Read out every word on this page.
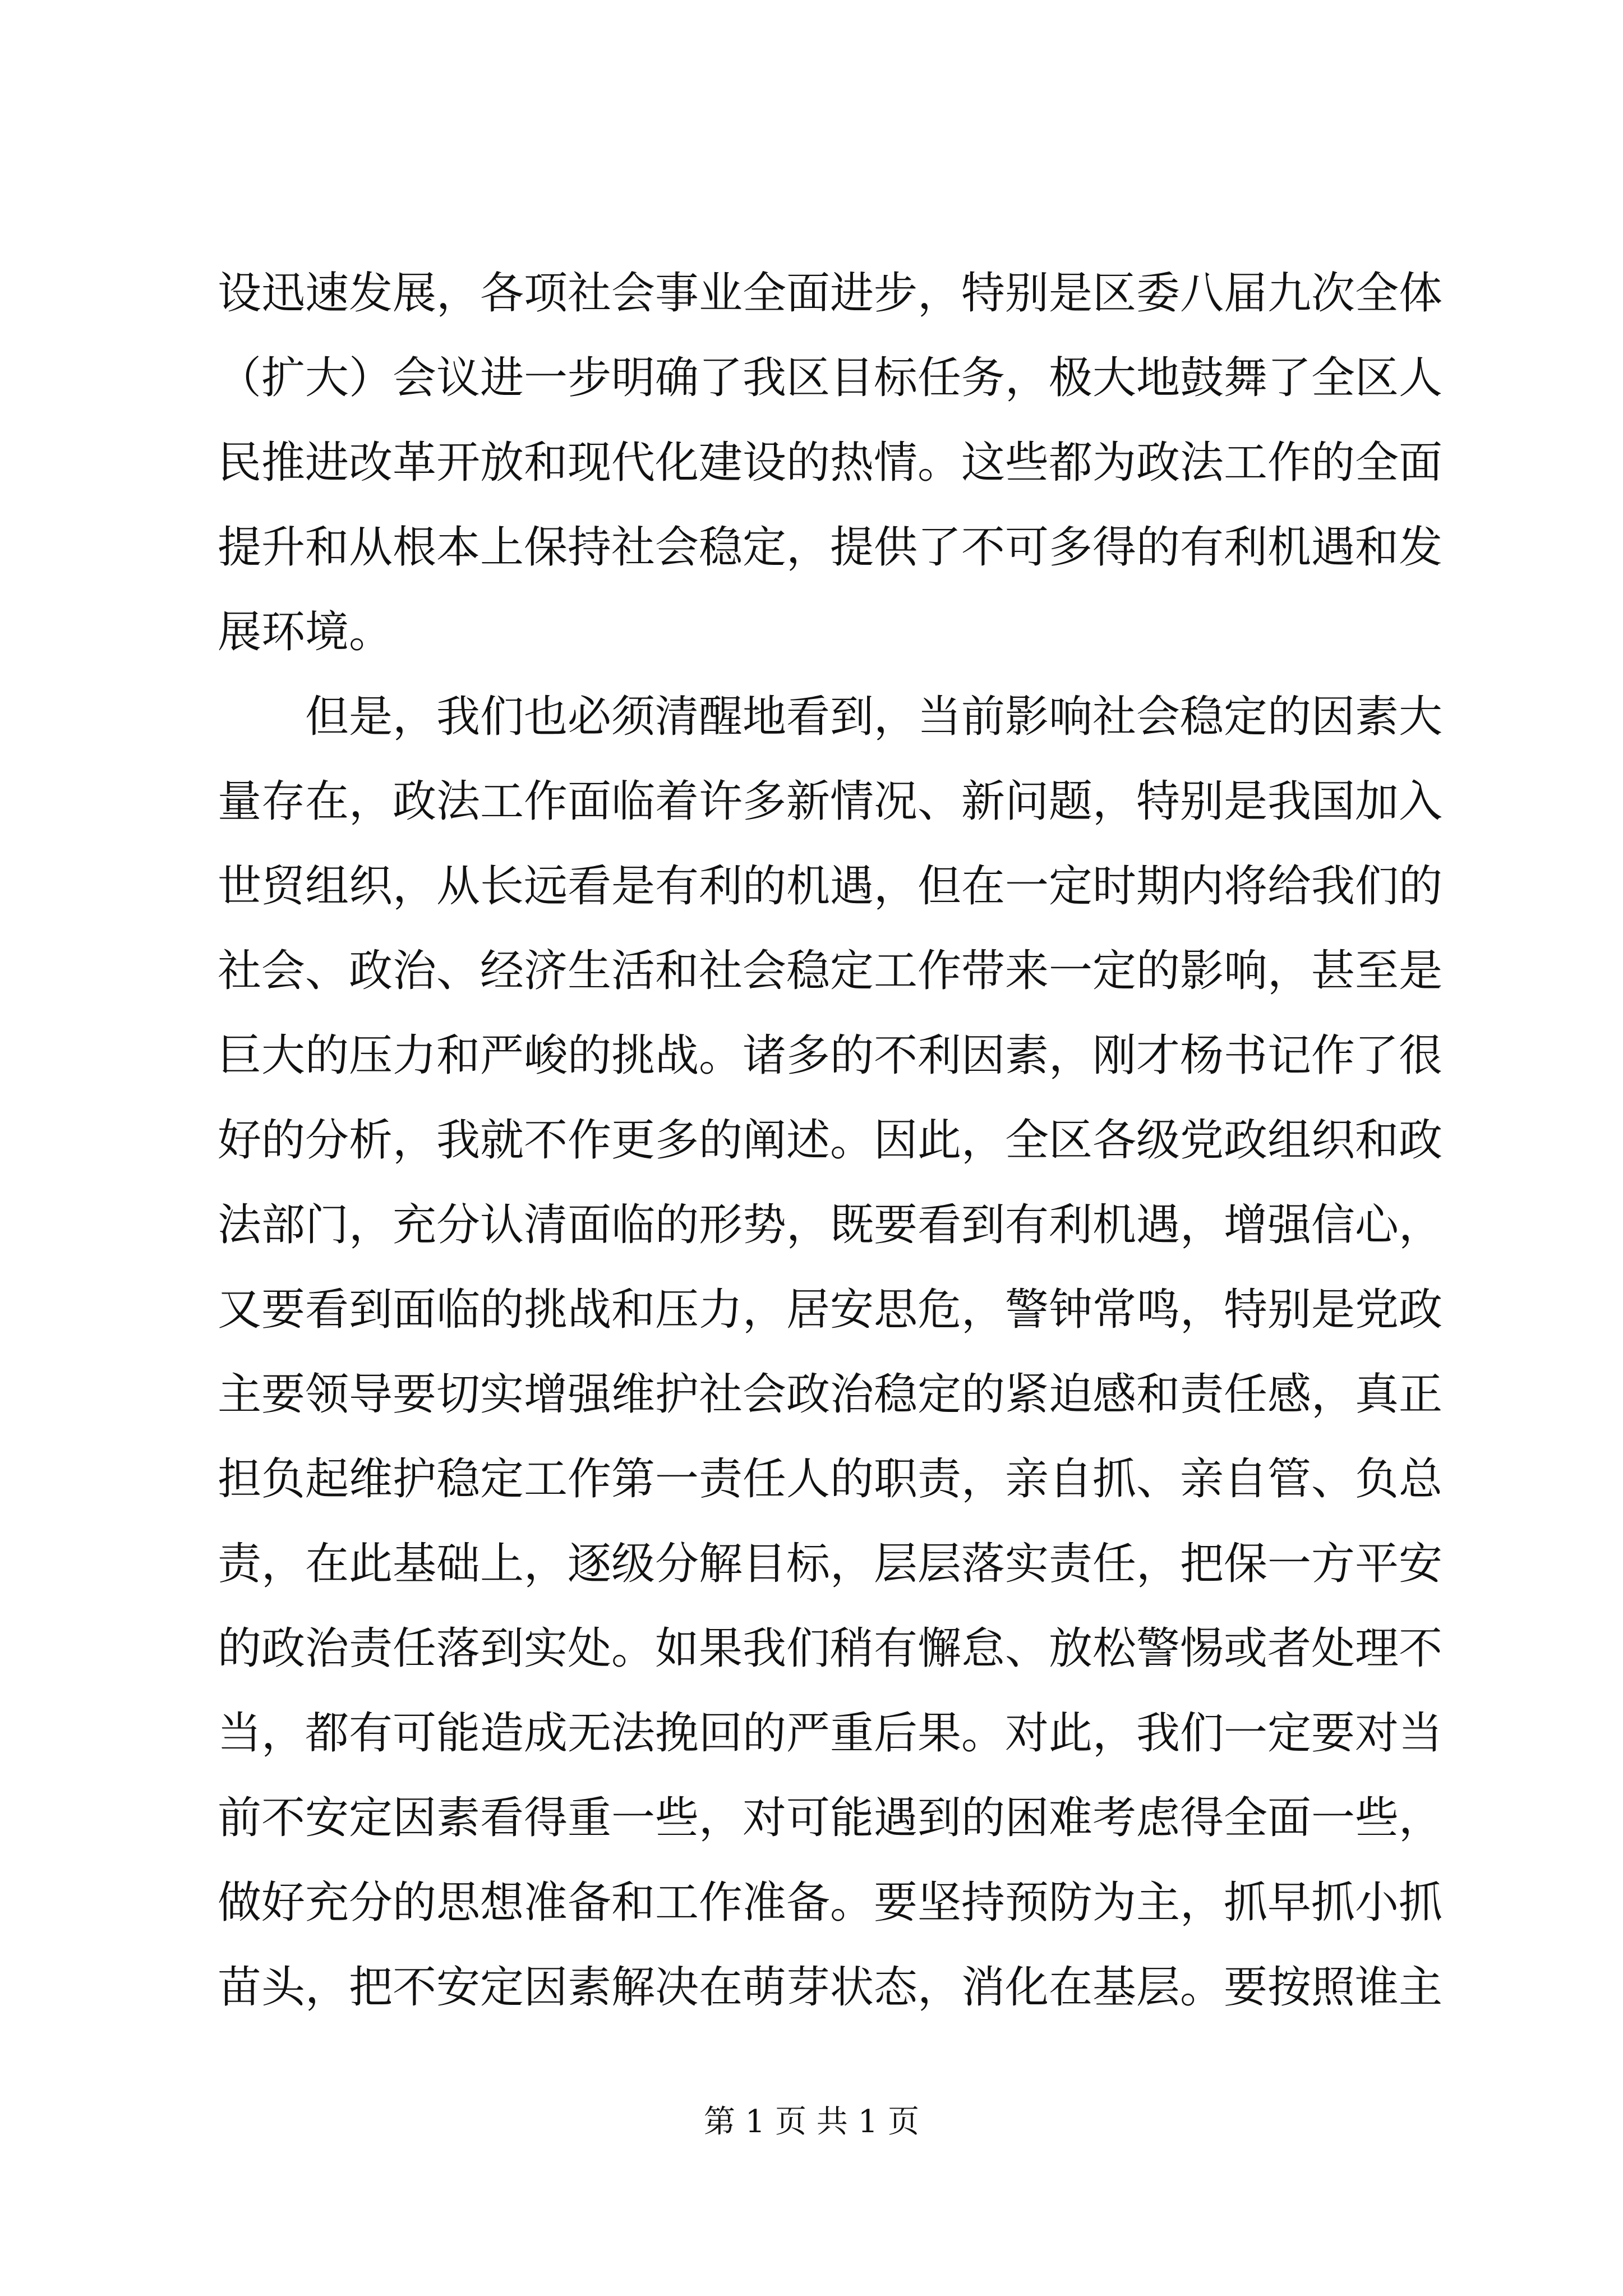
设迅速发展，各项社会事业全面进步，特别是区委八届九次全体
（扩大）会议进一步明确了我区目标任务，极大地鼓舞了全区人
民推进改革开放和现代化建设的热情。这些都为政法工作的全面
提升和从根本上保持社会稳定，提供了不可多得的有利机遇和发
展环境。
但是，我们也必须清醒地看到，当前影响社会稳定的因素大
量存在，政法工作面临着许多新情况、新问题，特别是我国加入
世贸组织，从长远看是有利的机遇，但在一定时期内将给我们的
社会、政治、经济生活和社会稳定工作带来一定的影响，甚至是
巨大的压力和严峻的挑战。诸多的不利因素，刚才杨书记作了很
好的分析，我就不作更多的阐述。因此，全区各级党政组织和政
法部门，充分认清面临的形势，既要看到有利机遇，增强信心，
又要看到面临的挑战和压力，居安思危，警钟常鸣，特别是党政
主要领导要切实增强维护社会政治稳定的紧迫感和责任感，真正
担负起维护稳定工作第一责任人的职责，亲自抓、亲自管、负总
责，在此基础上，逐级分解目标，层层落实责任，把保一方平安
的政治责任落到实处。如果我们稍有懈怠、放松警惕或者处理不
当，都有可能造成无法挽回的严重后果。对此，我们一定要对当
前不安定因素看得重一些，对可能遇到的困难考虑得全面一些，
做好充分的思想准备和工作准备。要坚持预防为主，抓早抓小抓
苗头，把不安定因素解决在萌芽状态，消化在基层。要按照谁主
第 1 页 共 1 页
